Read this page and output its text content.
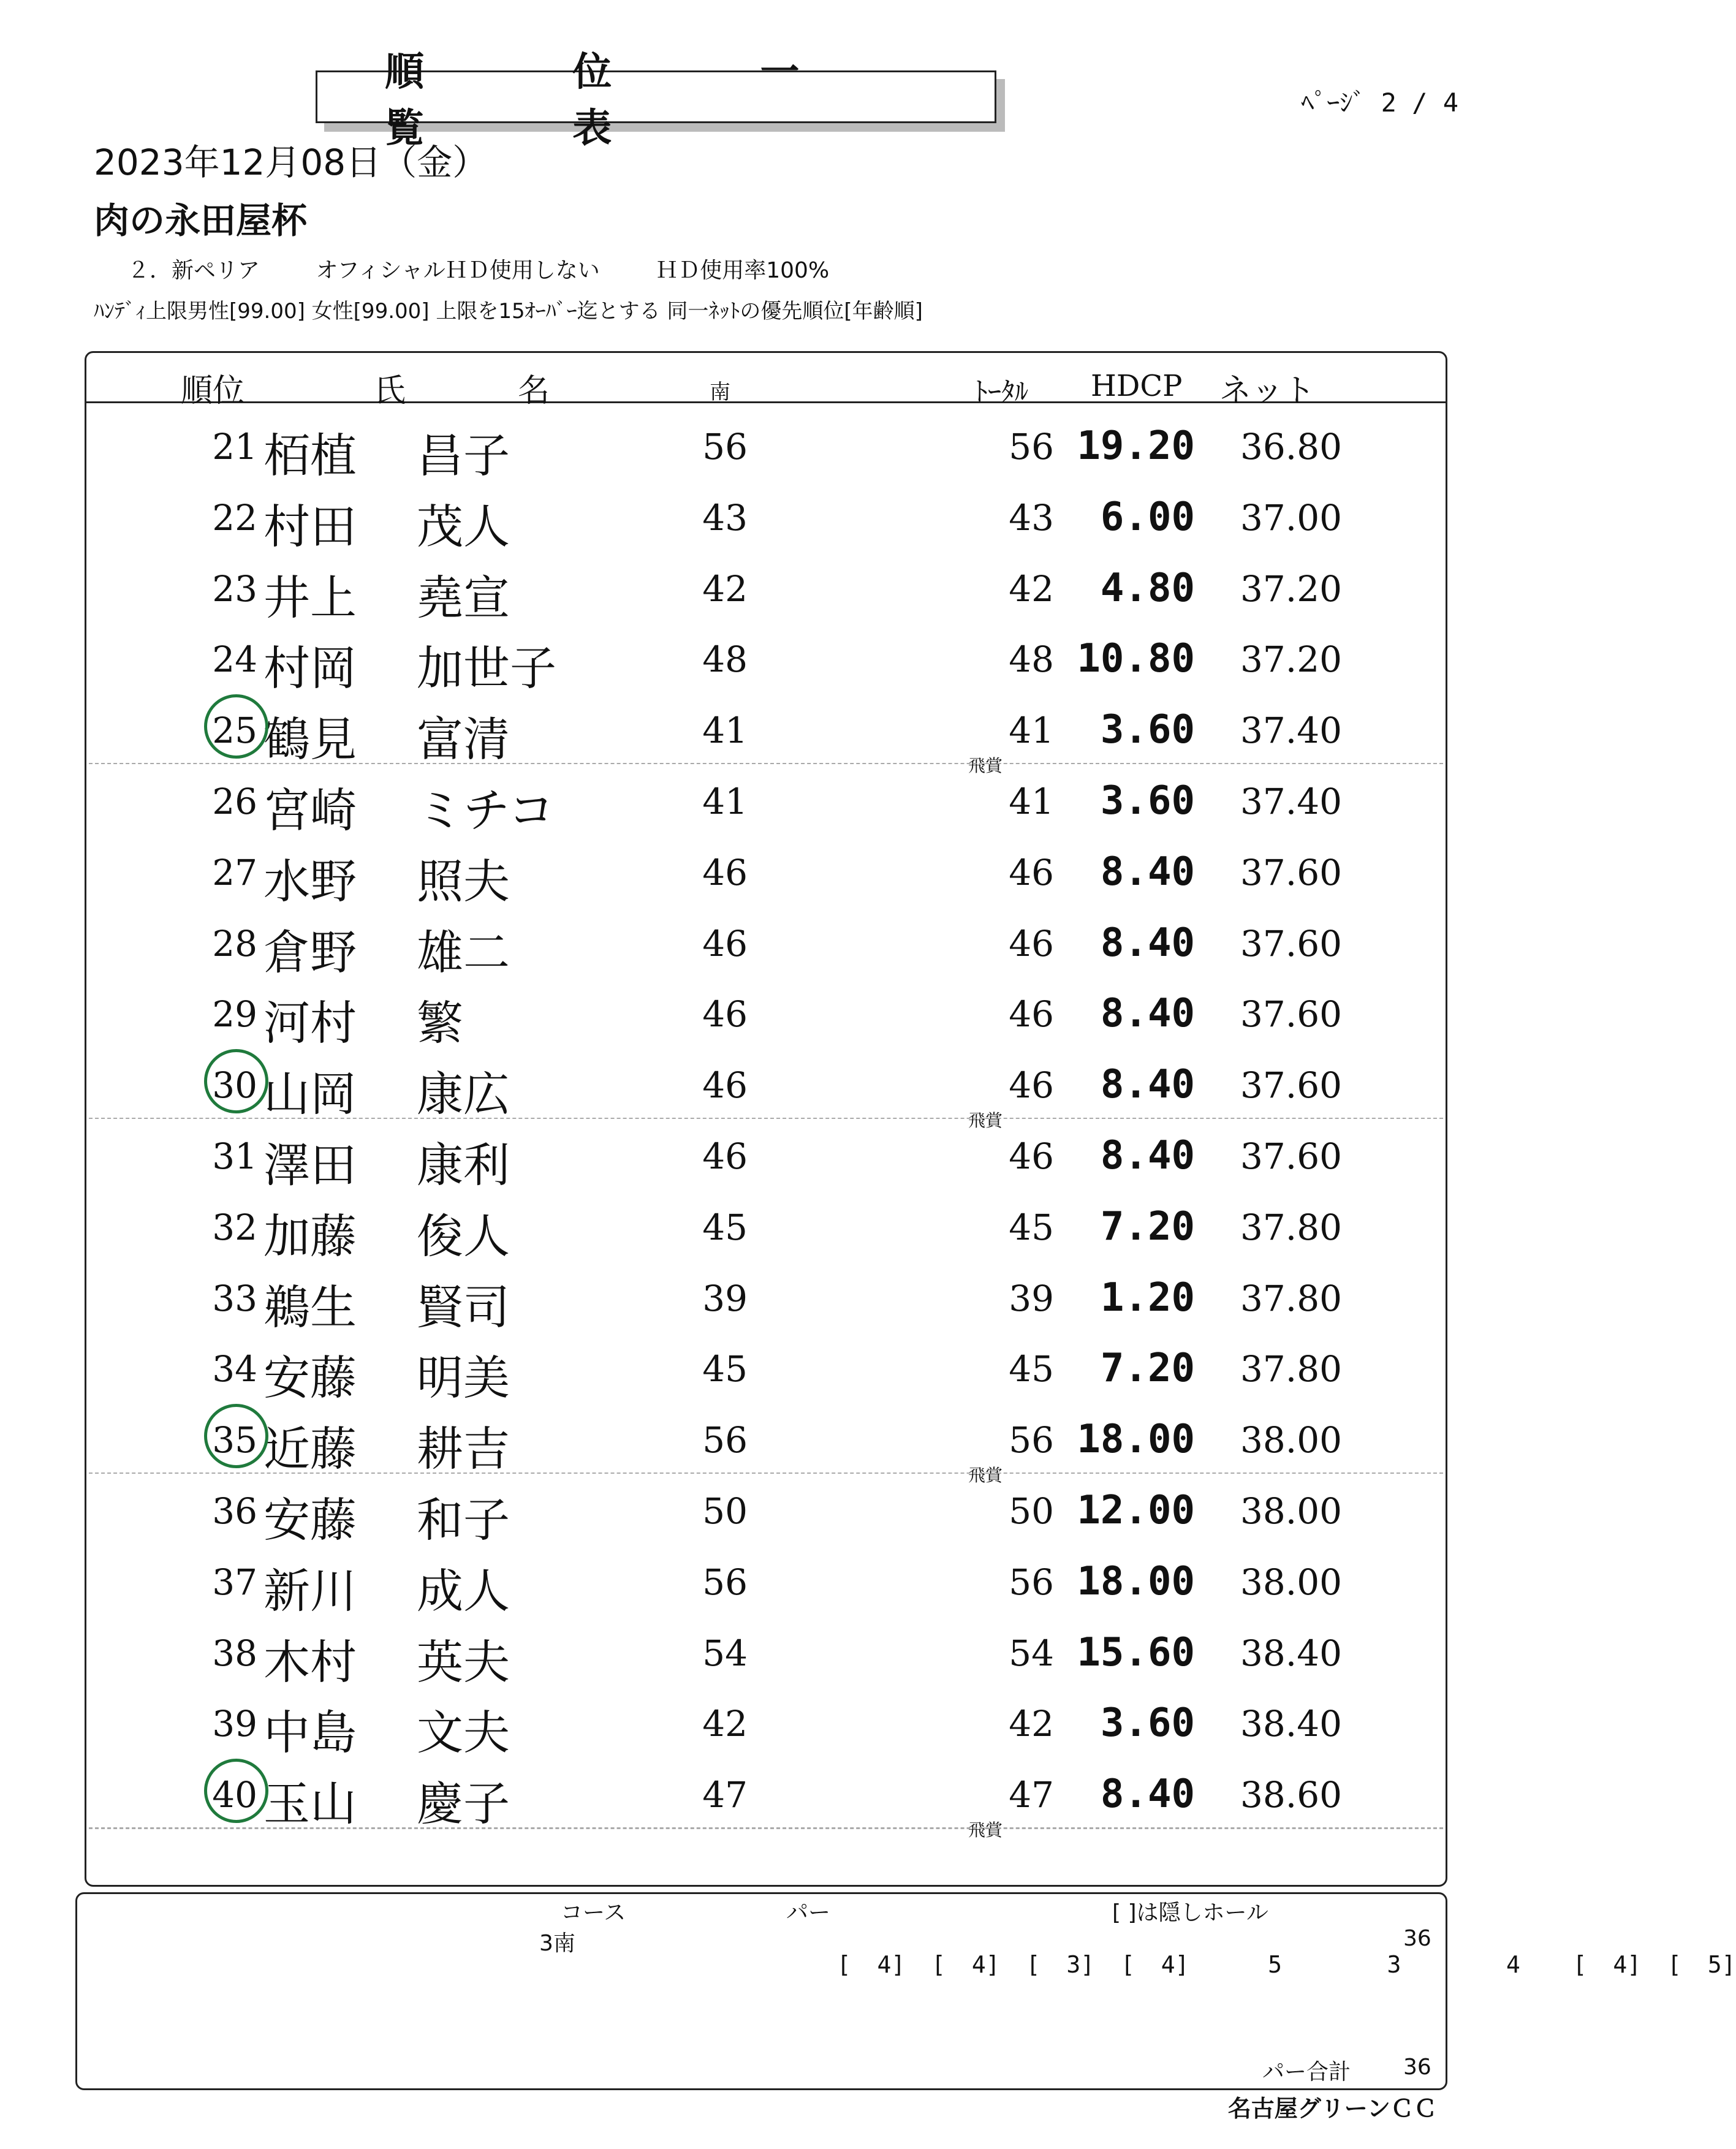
順 位 一 覧 表
ﾍﾟｰｼﾞ 2 / 4
2023年12月08日（金）
肉の永田屋杯
２．新ペリア	オフィシャルＨＤ使用しない	ＨＤ使用率100%
ﾊﾝﾃﾞｨ上限男性[99.00] 女性[99.00] 上限を15ｵｰﾊﾞｰ迄とする 同一ﾈｯﾄの優先順位[年齢順]
順位	氏	名	南	ﾄｰﾀﾙ HDCP ネット
21 栢植 昌子	56	56 19.20	36.80
22 村田 茂人	43	43	6.00	37.00
23 井上 堯宣	42	42	4.80	37.20
24 村岡 加世子	48	48 10.80	37.20
25 鶴見 富清	41	41	3.60	37.40
飛賞
26 宮崎 ミチコ	41	41	3.60	37.40
27 水野 照夫	46	46	8.40	37.60
28 倉野 雄二	46	46	8.40	37.60
29 河村 繁	46	46	8.40	37.60
30 山岡 康広	46	46	8.40	37.60
飛賞
31 澤田 康利	46	46	8.40	37.60
32 加藤 俊人	45	45	7.20	37.80
33 鵜生 賢司	39	39	1.20	37.80
34 安藤 明美	45	45	7.20	37.80
35 近藤 耕吉	56	56 18.00	38.00
飛賞
36 安藤 和子	50	50 12.00	38.00
37 新川 成人	56	56 18.00	38.00
38 木村 英夫	54	54 15.60	38.40
39 中島 文夫	42	42	3.60	38.40
40 玉山 慶子	47	47	8.40	38.60
飛賞
コース
3南
パー	[ ]は隠しホール

[ 4] [ 4] [ 3] [ 4]	5	3	4 [ 4] [ 5]

36
パー合計 36
名古屋グリーンＣＣ
